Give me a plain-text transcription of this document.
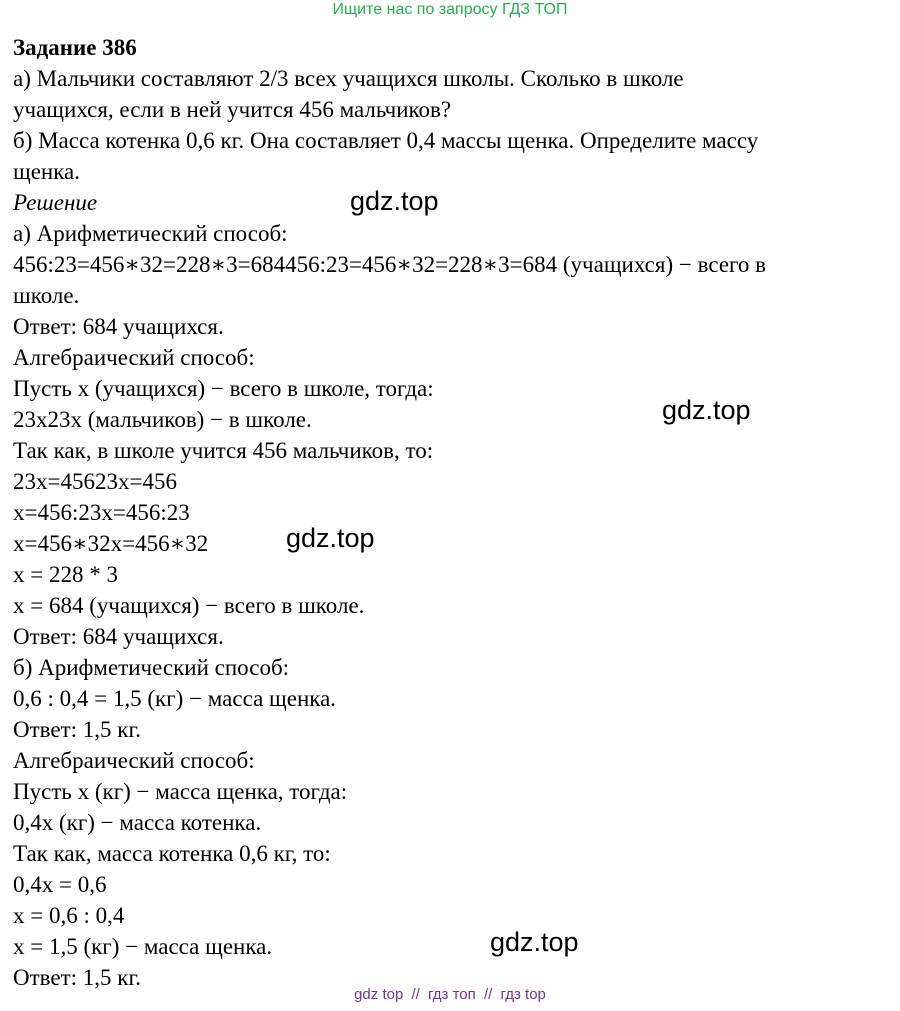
Ищите нас по запросу ГДЗ ТОП
Задание 386
а) Мальчики составляют 2/3 всех учащихся школы. Сколько в школе
учащихся, если в ней учится 456 мальчиков?
б) Масса котенка 0,6 кг. Она составляет 0,4 массы щенка. Определите массу
щенка.
Решение
а) Арифметический способ:
456:23=456∗32=228∗3=684456:23=456∗32=228∗3=684 (учащихся) − всего в
школе.
Ответ: 684 учащихся.
Алгебраический способ:
Пусть х (учащихся) − всего в школе, тогда:
23x23x (мальчиков) − в школе.
Так как, в школе учится 456 мальчиков, то:
23x=45623x=456
x=456:23x=456:23
x=456∗32x=456∗32
x = 228 * 3
x = 684 (учащихся) − всего в школе.
Ответ: 684 учащихся.
б) Арифметический способ:
0,6 : 0,4 = 1,5 (кг) − масса щенка.
Ответ: 1,5 кг.
Алгебраический способ:
Пусть х (кг) − масса щенка, тогда:
0,4x (кг) − масса котенка.
Так как, масса котенка 0,6 кг, то:
0,4x = 0,6
x = 0,6 : 0,4
x = 1,5 (кг) − масса щенка.
Ответ: 1,5 кг.
gdz.top
gdz.top
gdz.top
gdz.top
gdz top // гдз топ // гдз top
